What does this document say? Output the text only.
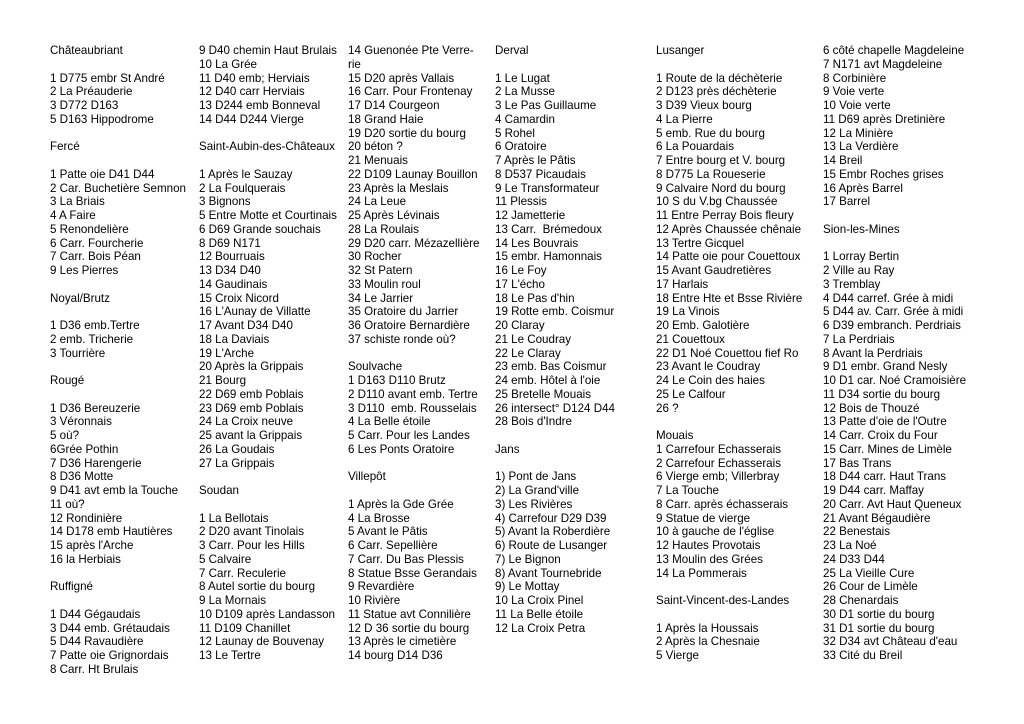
Châteaubriant
1 D775 embr St André
2 La Préauderie
3 D772 D163
5 D163 Hippodrome
Fercé
1 Patte oie D41 D44
2 Car. Buchetière Semnon
3 La Briais
4 A Faire
5 Renondelière
6 Carr. Fourcherie
7 Carr. Bois Péan
9 Les Pierres
Noyal/Brutz
1 D36 emb.Tertre
2 emb. Tricherie
3 Tourrière
Rougé
1 D36 Bereuzerie
3 Véronnais
5 où?
6Grée Pothin
7 D36 Harengerie
8 D36 Motte
9 D41 avt emb la Touche
11 où?
12 Rondinière
14 D178 emb Hautières
15 après l'Arche
16 la Herbiais
Ruffigné
1 D44 Gégaudais
3 D44 emb. Grétaudais
5 D44 Ravaudière
7 Patte oie Grignordais
8 Carr. Ht Brulais
9 D40 chemin Haut Brulais
10 La Grée
11 D40 emb; Herviais
12 D40 carr Herviais
13 D244 emb Bonneval
14 D44 D244 Vierge
Saint-Aubin-des-Châteaux
1 Après le Sauzay
2 La Foulquerais
3 Bignons
5 Entre Motte et Courtinais
6 D69 Grande souchais
8 D69 N171
12 Bourruais
13 D34 D40
14 Gaudinais
15 Croix Nicord
16 L'Aunay de Villatte
17 Avant D34 D40
18 La Daviais
19 L'Arche
20 Après la Grippais
21 Bourg
22 D69 emb Poblais
23 D69 emb Poblais
24 La Croix neuve
25 avant la Grippais
26 La Goudais
27 La Grippais
Soudan
1 La Bellotais
2 D20 avant Tinolais
3 Carr. Pour les Hills
5 Calvaire
7 Carr. Reculerie
8 Autel sortie du bourg
9 La Mornais
10 D109 après Landasson
11 D109 Chanillet
12 Launay de Bouvenay
13 Le Tertre
14 Guenonée Pte Verre-
rie
15 D20 après Vallais
16 Carr. Pour Frontenay
17 D14 Courgeon
18 Grand Haie
19 D20 sortie du bourg
20 béton ?
21 Menuais
22 D109 Launay Bouillon
23 Après la Meslais
24 La Leue
25 Après Lévinais
28 La Roulais
29 D20 carr. Mézazellière
30 Rocher
32 St Patern
33 Moulin roul
34 Le Jarrier
35 Oratoire du Jarrier
36 Oratoire Bernardière
37 schiste ronde où?
Soulvache
1 D163 D110 Brutz
2 D110 avant emb. Tertre
3 D110  emb. Rousselais
4 La Belle étoile
5 Carr. Pour les Landes
6 Les Ponts Oratoire
Villepôt
1 Après la Gde Grée
4 La Brosse
5 Avant le Pâtis
6 Carr. Sepellière
7 Carr. Du Bas Plessis
8 Statue Bsse Gerandais
9 Revardière
10 Rivière
11 Statue avt Connilière
12 D 36 sortie du bourg
13 Après le cimetière
14 bourg D14 D36
Derval
1 Le Lugat
2 La Musse
3 Le Pas Guillaume
4 Camardin
5 Rohel
6 Oratoire
7 Après le Pâtis
8 D537 Picaudais
9 Le Transformateur
11 Plessis
12 Jametterie
13 Carr.  Brémedoux
14 Les Bouvrais
15 embr. Hamonnais
16 Le Foy
17 L'écho
18 Le Pas d'hin
19 Rotte emb. Coismur
20 Claray
21 Le Coudray
22 Le Claray
23 emb. Bas Coismur
24 emb. Hôtel à l'oie
25 Bretelle Mouais
26 intersect° D124 D44
28 Bois d'Indre
Jans
1) Pont de Jans
2) La Grand'ville
3) Les Rivières
4) Carrefour D29 D39
5) Avant la Roberdière
6) Route de Lusanger
7) Le Bignon
8) Avant Tournebride
9) Le Mottay
10 La Croix Pinel
11 La Belle étoile
12 La Croix Petra
Lusanger
1 Route de la déchèterie
2 D123 près déchèterie
3 D39 Vieux bourg
4 La Pierre
5 emb. Rue du bourg
6 La Pouardais
7 Entre bourg et V. bourg
8 D775 La Roueserie
9 Calvaire Nord du bourg
10 S du V.bg Chaussée
11 Entre Perray Bois fleury
12 Après Chaussée chênaie
13 Tertre Gicquel
14 Patte oie pour Couettoux
15 Avant Gaudretières
17 Harlais
18 Entre Hte et Bsse Rivière
19 La Vinois
20 Emb. Galotière
21 Couettoux
22 D1 Noé Couettou fief Ro
23 Avant le Coudray
24 Le Coin des haies
25 Le Calfour
26 ?
Mouais
1 Carrefour Echasserais
2 Carrefour Echasserais
6 Vierge emb; Villerbray
7 La Touche
8 Carr. après échasserais
9 Statue de vierge
10 à gauche de l'église
12 Hautes Provotais
13 Moulin des Grées
14 La Pommerais
Saint-Vincent-des-Landes
1 Après la Houssais
2 Après la Chesnaie
5 Vierge
6 côté chapelle Magdeleine
7 N171 avt Magdeleine
8 Corbinière
9 Voie verte
10 Voie verte
11 D69 après Dretinière
12 La Minière
13 La Verdière
14 Breil
15 Embr Roches grises
16 Après Barrel
17 Barrel
Sion-les-Mines
1 Lorray Bertin
2 Ville au Ray
3 Tremblay
4 D44 carref. Grée à midi
5 D44 av. Carr. Grée à midi
6 D39 embranch. Perdriais
7 La Perdriais
8 Avant la Perdriais
9 D1 embr. Grand Nesly
10 D1 car. Noé Cramoisière
11 D34 sortie du bourg
12 Bois de Thouzé
13 Patte d'oie de l'Outre
14 Carr. Croix du Four
15 Carr. Mines de Limèle
17 Bas Trans
18 D44 carr. Haut Trans
19 D44 carr. Maffay
20 Carr. Avt Haut Queneux
21 Avant Bégaudière
22 Benestais
23 La Noé
24 D33 D44
25 La Vieille Cure
26 Cour de Limèle
28 Chenardais
30 D1 sortie du bourg
31 D1 sortie du bourg
32 D34 avt Château d'eau
33 Cité du Breil
